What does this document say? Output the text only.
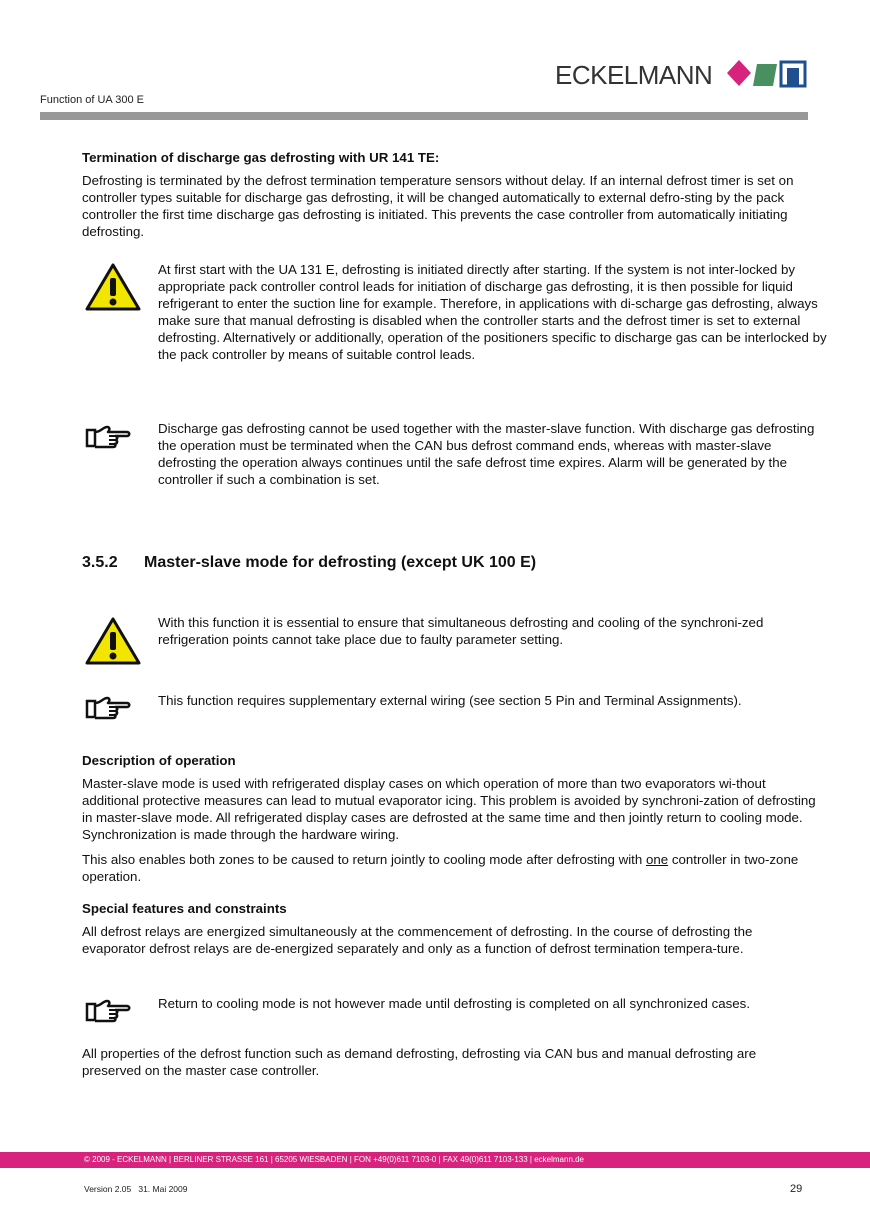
Function of UA 300 E
ECKELMANN

Termination of discharge gas defrosting with UR 141 TE:

Defrosting is terminated by the defrost termination temperature sensors without delay. If an internal defrost timer is set on controller types suitable for discharge gas defrosting, it will be changed automatically to external defro-sting by the pack controller the first time discharge gas defrosting is initiated. This prevents the case controller from automatically initiating defrosting.

At first start with the UA 131 E, defrosting is initiated directly after starting. If the system is not inter-locked by appropriate pack controller control leads for initiation of discharge gas defrosting, it is then possible for liquid refrigerant to enter the suction line for example. Therefore, in applications with di-scharge gas defrosting, always make sure that manual defrosting is disabled when the controller starts and the defrost timer is set to external defrosting. Alternatively or additionally, operation of the positioners specific to discharge gas can be interlocked by the pack controller by means of suitable control leads.

Discharge gas defrosting cannot be used together with the master-slave function. With discharge gas defrosting the operation must be terminated when the CAN bus defrost command ends, whereas with master-slave defrosting the operation always continues until the safe defrost time expires. Alarm will be generated by the controller if such a combination is set.

3.5.2 Master-slave mode for defrosting (except UK 100 E)

With this function it is essential to ensure that simultaneous defrosting and cooling of the synchroni-zed refrigeration points cannot take place due to faulty parameter setting.

This function requires supplementary external wiring (see section 5 Pin and Terminal Assignments).

Description of operation

Master-slave mode is used with refrigerated display cases on which operation of more than two evaporators wi-thout additional protective measures can lead to mutual evaporator icing. This problem is avoided by synchroni-zation of defrosting in master-slave mode. All refrigerated display cases are defrosted at the same time and then jointly return to cooling mode. Synchronization is made through the hardware wiring.

This also enables both zones to be caused to return jointly to cooling mode after defrosting with one controller in two-zone operation.

Special features and constraints

All defrost relays are energized simultaneously at the commencement of defrosting. In the course of defrosting the evaporator defrost relays are de-energized separately and only as a function of defrost termination tempera-ture.

Return to cooling mode is not however made until defrosting is completed on all synchronized cases.

All properties of the defrost function such as demand defrosting, defrosting via CAN bus and manual defrosting are preserved on the master case controller.

© 2009 - ECKELMANN | BERLINER STRASSE 161 | 65205 WIESBADEN | FON +49(0)611 7103-0 | FAX 49(0)611 7103-133 | eckelmann.de
Version 2.05   31. Mai 2009	29
